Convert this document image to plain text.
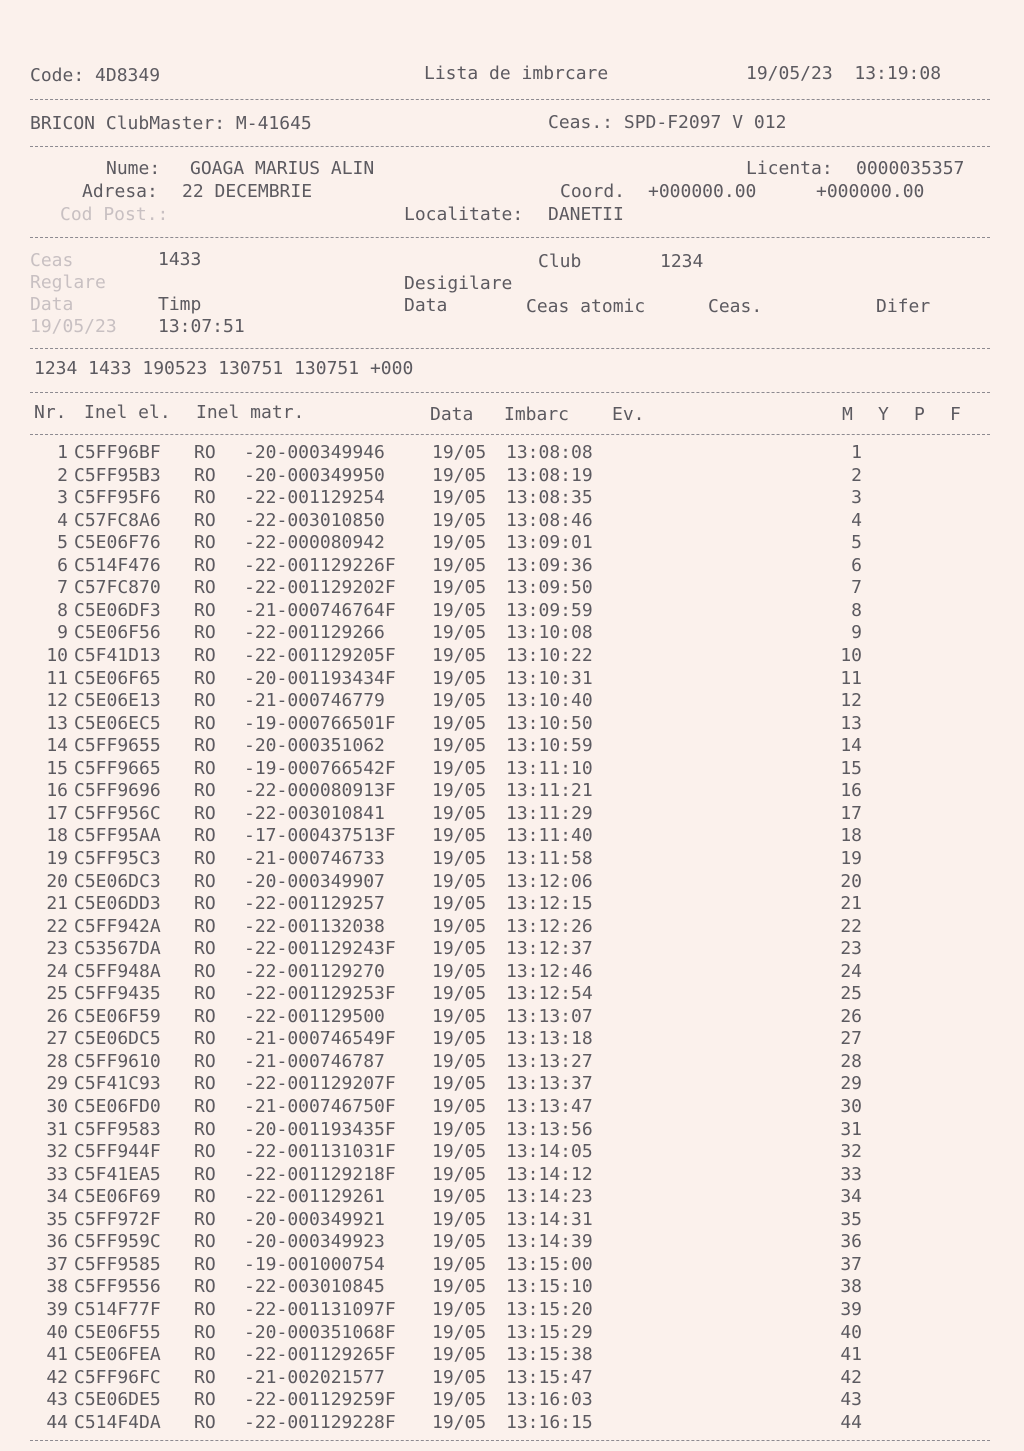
Code: 4D8349	Lista de imbrcare	19/05/23  13:19:08
BRICON ClubMaster: M-41645	Ceas.: SPD-F2097 V 012
Nume: GOAGA MARIUS ALIN	Licenta: 0000035357
Adresa: 22 DECEMBRIE	Coord. +000000.00	+000000.00
Cod Post.:	Localitate: DANETII
Ceas	1433	Club	1234
Reglare	Desigilare
Data	Timp	Data	Ceas atomic	Ceas.	Difer
19/05/23 13:07:51
1234 1433 190523 130751 130751 +000
Nr. Inel el. Inel matr.	Data Imbarc Ev.	M Y P F
1 C5FF96BF RO -20-000349946	19/05 13:08:08	1
2 C5FF95B3 RO -20-000349950	19/05 13:08:19	2
3 C5FF95F6 RO -22-001129254	19/05 13:08:35	3
4 C57FC8A6 RO -22-003010850	19/05 13:08:46	4
5 C5E06F76 RO -22-000080942	19/05 13:09:01	5
6 C514F476 RO -22-001129226F 19/05 13:09:36	6
7 C57FC870 RO -22-001129202F 19/05 13:09:50	7
8 C5E06DF3 RO -21-000746764F 19/05 13:09:59	8
9 C5E06F56 RO -22-001129266	19/05 13:10:08	9
10 C5F41D13 RO -22-001129205F 19/05 13:10:22	10
11 C5E06F65 RO -20-001193434F 19/05 13:10:31	11
12 C5E06E13 RO -21-000746779	19/05 13:10:40	12
13 C5E06EC5 RO -19-000766501F 19/05 13:10:50	13
14 C5FF9655 RO -20-000351062	19/05 13:10:59	14
15 C5FF9665 RO -19-000766542F 19/05 13:11:10	15
16 C5FF9696 RO -22-000080913F 19/05 13:11:21	16
17 C5FF956C RO -22-003010841	19/05 13:11:29	17
18 C5FF95AA RO -17-000437513F 19/05 13:11:40	18
19 C5FF95C3 RO -21-000746733	19/05 13:11:58	19
20 C5E06DC3 RO -20-000349907	19/05 13:12:06	20
21 C5E06DD3 RO -22-001129257	19/05 13:12:15	21
22 C5FF942A RO -22-001132038	19/05 13:12:26	22
23 C53567DA RO -22-001129243F 19/05 13:12:37	23
24 C5FF948A RO -22-001129270	19/05 13:12:46	24
25 C5FF9435 RO -22-001129253F 19/05 13:12:54	25
26 C5E06F59 RO -22-001129500	19/05 13:13:07	26
27 C5E06DC5 RO -21-000746549F 19/05 13:13:18	27
28 C5FF9610 RO -21-000746787	19/05 13:13:27	28
29 C5F41C93 RO -22-001129207F 19/05 13:13:37	29
30 C5E06FD0 RO -21-000746750F 19/05 13:13:47	30
31 C5FF9583 RO -20-001193435F 19/05 13:13:56	31
32 C5FF944F RO -22-001131031F 19/05 13:14:05	32
33 C5F41EA5 RO -22-001129218F 19/05 13:14:12	33
34 C5E06F69 RO -22-001129261	19/05 13:14:23	34
35 C5FF972F RO -20-000349921	19/05 13:14:31	35
36 C5FF959C RO -20-000349923	19/05 13:14:39	36
37 C5FF9585 RO -19-001000754	19/05 13:15:00	37
38 C5FF9556 RO -22-003010845	19/05 13:15:10	38
39 C514F77F RO -22-001131097F 19/05 13:15:20	39
40 C5E06F55 RO -20-000351068F 19/05 13:15:29	40
41 C5E06FEA RO -22-001129265F 19/05 13:15:38	41
42 C5FF96FC RO -21-002021577	19/05 13:15:47	42
43 C5E06DE5 RO -22-001129259F 19/05 13:16:03	43
44 C514F4DA RO -22-001129228F 19/05 13:16:15	44
